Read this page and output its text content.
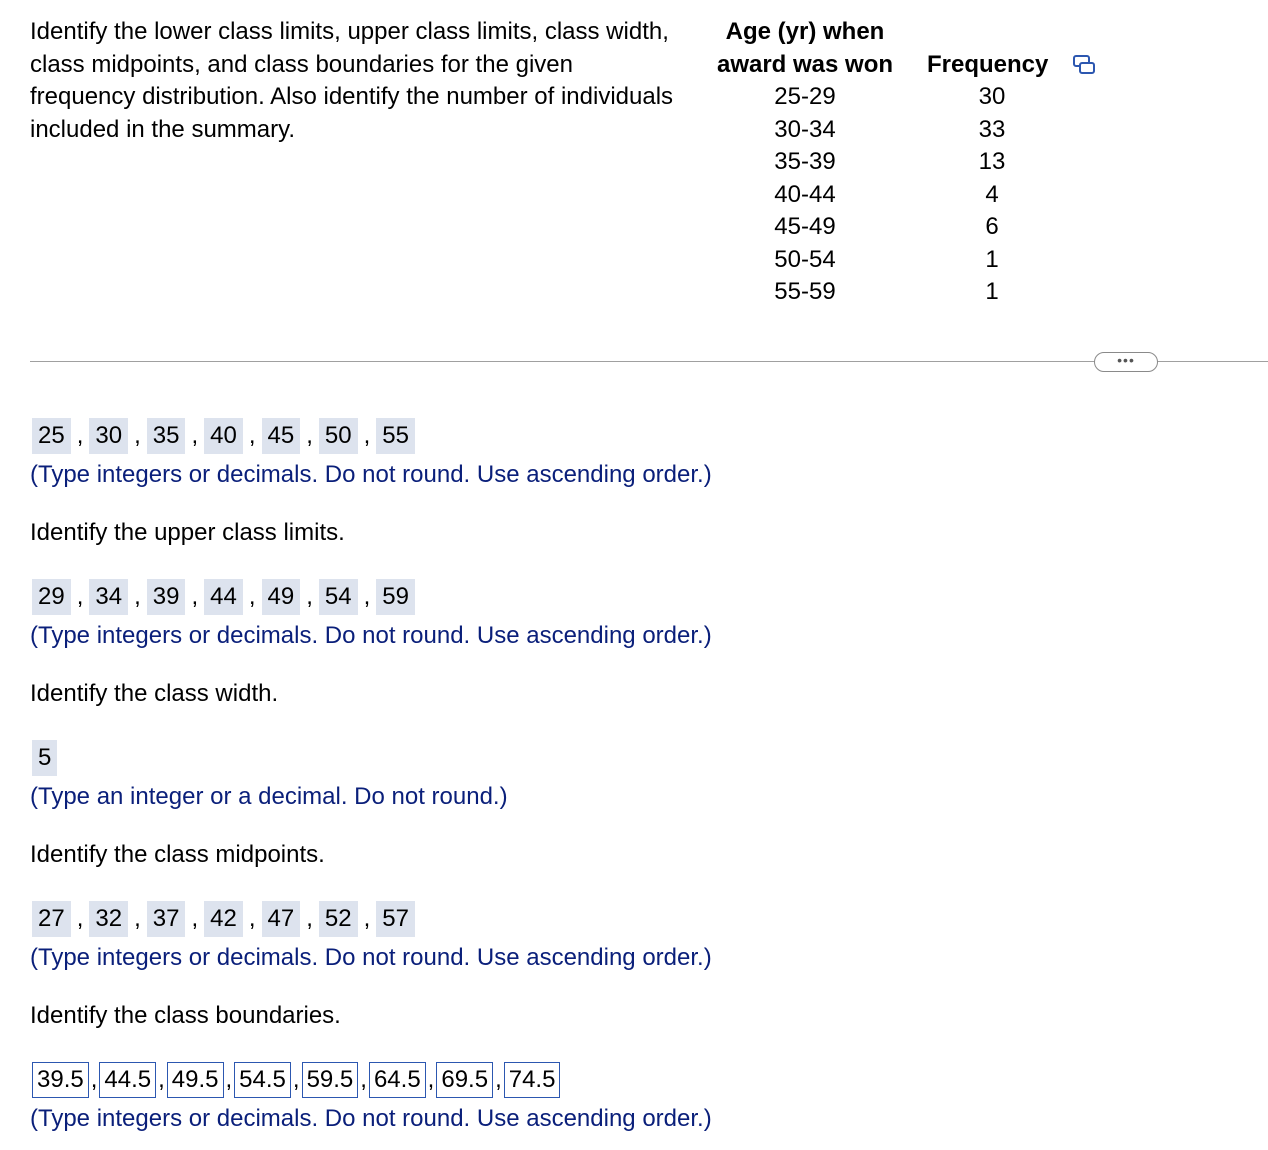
Identify the lower class limits, upper class limits, class width, class midpoints, and class boundaries for the given frequency distribution. Also identify the number of individuals included in the summary.
Age (yr) when
award was won	Frequency
25-29	30
30-34	33
35-39	13
40-44	4
45-49	6
50-54	1
55-59	1
•••
25 , 30 , 35 , 40 , 45 , 50 , 55
(Type integers or decimals. Do not round. Use ascending order.)
Identify the upper class limits.
29 , 34 , 39 , 44 , 49 , 54 , 59
(Type integers or decimals. Do not round. Use ascending order.)
Identify the class width.
5
(Type an integer or a decimal. Do not round.)
Identify the class midpoints.
27 , 32 , 37 , 42 , 47 , 52 , 57
(Type integers or decimals. Do not round. Use ascending order.)
Identify the class boundaries.
39.5 , 44.5 , 49.5 , 54.5 , 59.5 , 64.5 , 69.5 , 74.5
(Type integers or decimals. Do not round. Use ascending order.)
